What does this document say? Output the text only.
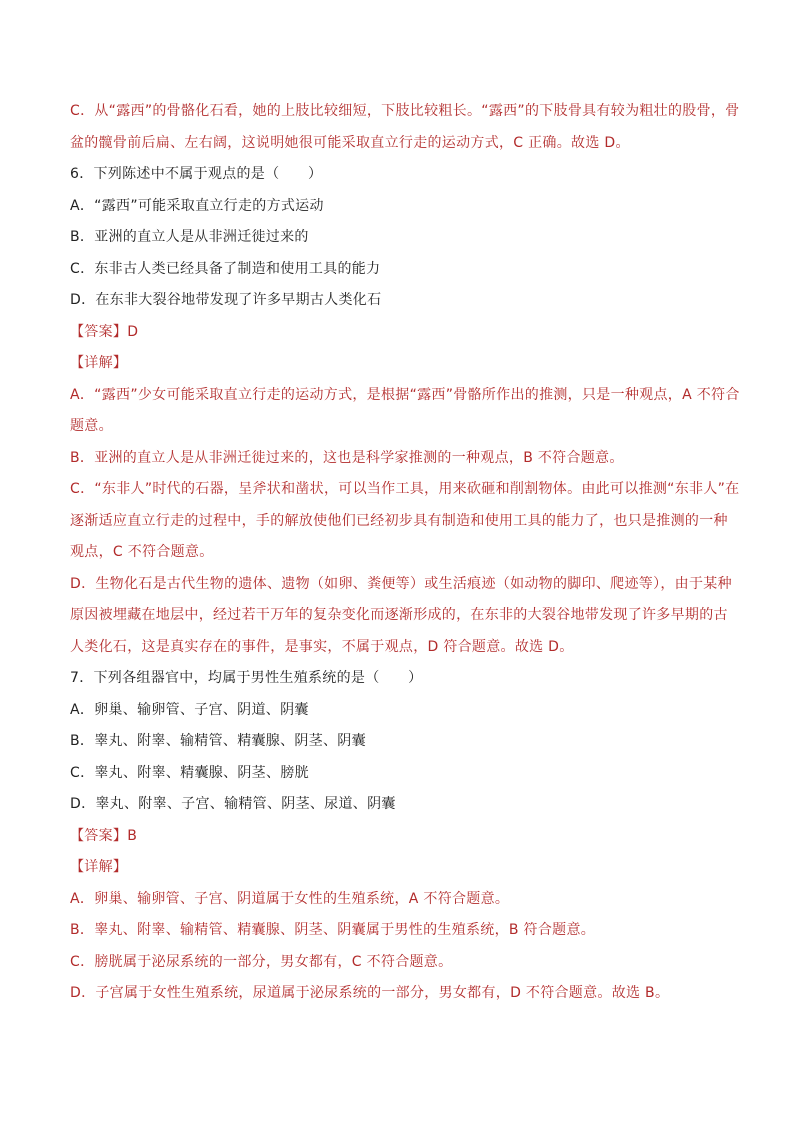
C．从“露西”的骨骼化石看，她的上肢比较细短，下肢比较粗长。“露西”的下肢骨具有较为粗壮的股骨，骨
盆的髋骨前后扁、左右阔，这说明她很可能采取直立行走的运动方式，C 正确。故选 D。
6．下列陈述中不属于观点的是（　　）
A．“露西”可能采取直立行走的方式运动
B．亚洲的直立人是从非洲迁徙过来的
C．东非古人类已经具备了制造和使用工具的能力
D．在东非大裂谷地带发现了许多早期古人类化石
【答案】D
【详解】
A．“露西”少女可能采取直立行走的运动方式，是根据“露西”骨骼所作出的推测，只是一种观点，A 不符合
题意。
B．亚洲的直立人是从非洲迁徙过来的，这也是科学家推测的一种观点，B 不符合题意。
C．“东非人”时代的石器，呈斧状和凿状，可以当作工具，用来砍砸和削割物体。由此可以推测“东非人”在
逐渐适应直立行走的过程中，手的解放使他们已经初步具有制造和使用工具的能力了，也只是推测的一种
观点，C 不符合题意。
D．生物化石是古代生物的遗体、遗物（如卵、粪便等）或生活痕迹（如动物的脚印、爬迹等），由于某种
原因被埋藏在地层中，经过若干万年的复杂变化而逐渐形成的，在东非的大裂谷地带发现了许多早期的古
人类化石，这是真实存在的事件，是事实，不属于观点，D 符合题意。故选 D。
7．下列各组器官中，均属于男性生殖系统的是（　　）
A．卵巢、输卵管、子宫、阴道、阴囊
B．睾丸、附睾、输精管、精囊腺、阴茎、阴囊
C．睾丸、附睾、精囊腺、阴茎、膀胱
D．睾丸、附睾、子宫、输精管、阴茎、尿道、阴囊
【答案】B
【详解】
A．卵巢、输卵管、子宫、阴道属于女性的生殖系统，A 不符合题意。
B．睾丸、附睾、输精管、精囊腺、阴茎、阴囊属于男性的生殖系统，B 符合题意。
C．膀胱属于泌尿系统的一部分，男女都有，C 不符合题意。
D．子宫属于女性生殖系统，尿道属于泌尿系统的一部分，男女都有，D 不符合题意。故选 B。
